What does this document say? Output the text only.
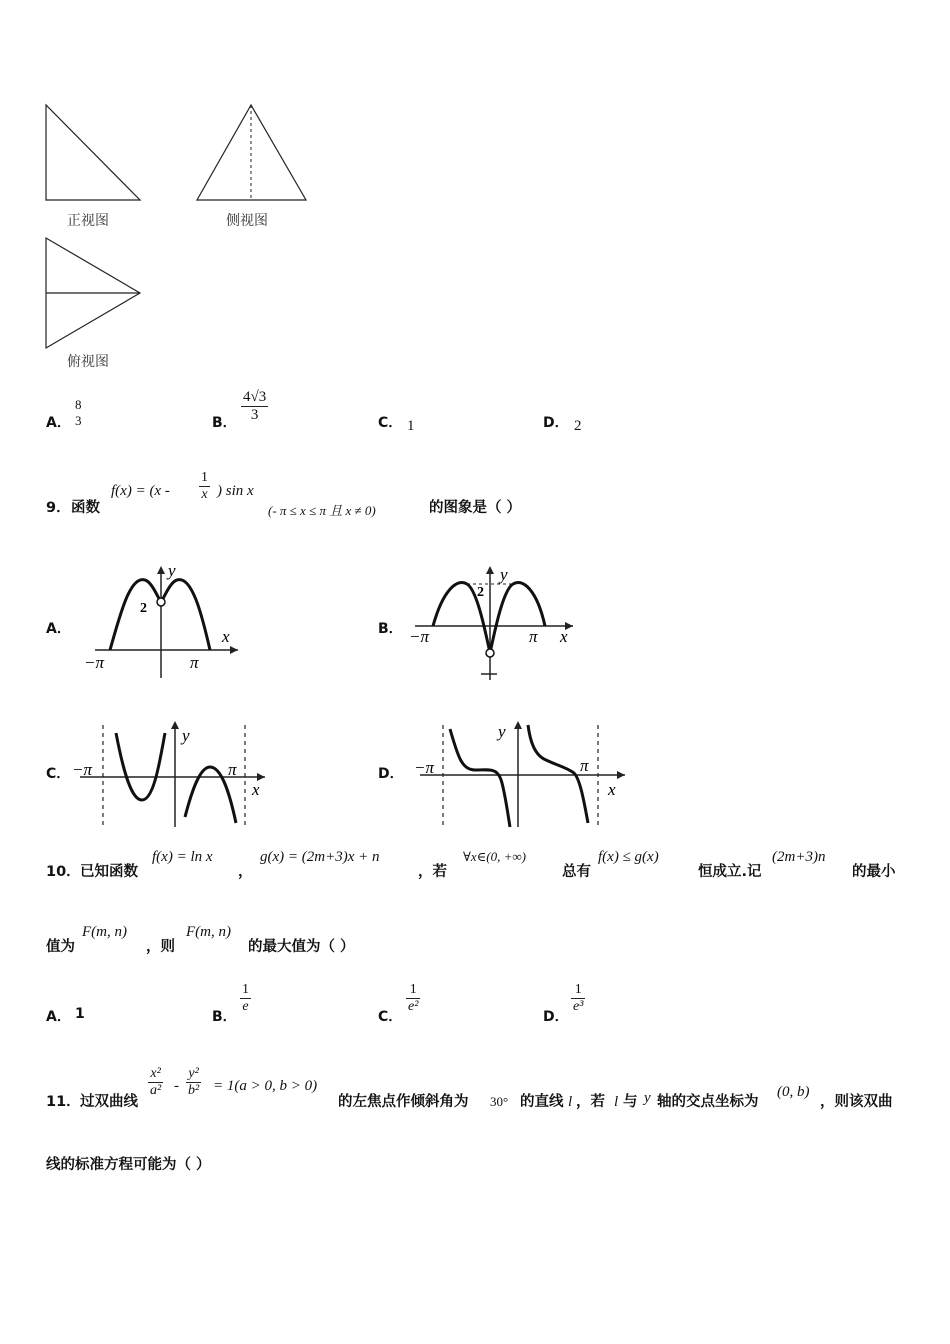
正视图	侧视图
俯视图
A．
8
3	B． $\frac{4√3}{3}$	C． 1	D． 2
9． 函数
$f(x) = (x - \frac{1}{x}$ ) sin x
(- π ≤ x ≤ π 且 x ≠ 0)	的图象是（ ）
A．
y
x
−π	π
2
B．
y
x
−π	π
2
C．
y
x
−π	π	D．
y
x
−π	π
10． 已知函数
f(x) = ln x
，
g(x) = (2m+3)x + n
，若
∀x∈(0, +∞)
总有
f(x) ≤ g(x)
恒成立.记
(2m+3)n
的最小
值为
F(m, n)
，则
F(m, n)
的最大值为（ ）
A． 1	B．
$\frac{1}{e}$
C．
$\frac{1}{\text{e²}}$
D．
$\frac{1}{\text{e³}}$
11． 过双曲线
$\frac{\text{x²}}{\text{a²}} - \frac{\text{y²}}{\text{b²}} = 1(a > 0$, b > 0)
的左焦点作倾斜角为 30° 的直线 l ，若 l 与 y 轴的交点坐标为
(0, b)
，则该双曲
线的标准方程可能为（ ）
